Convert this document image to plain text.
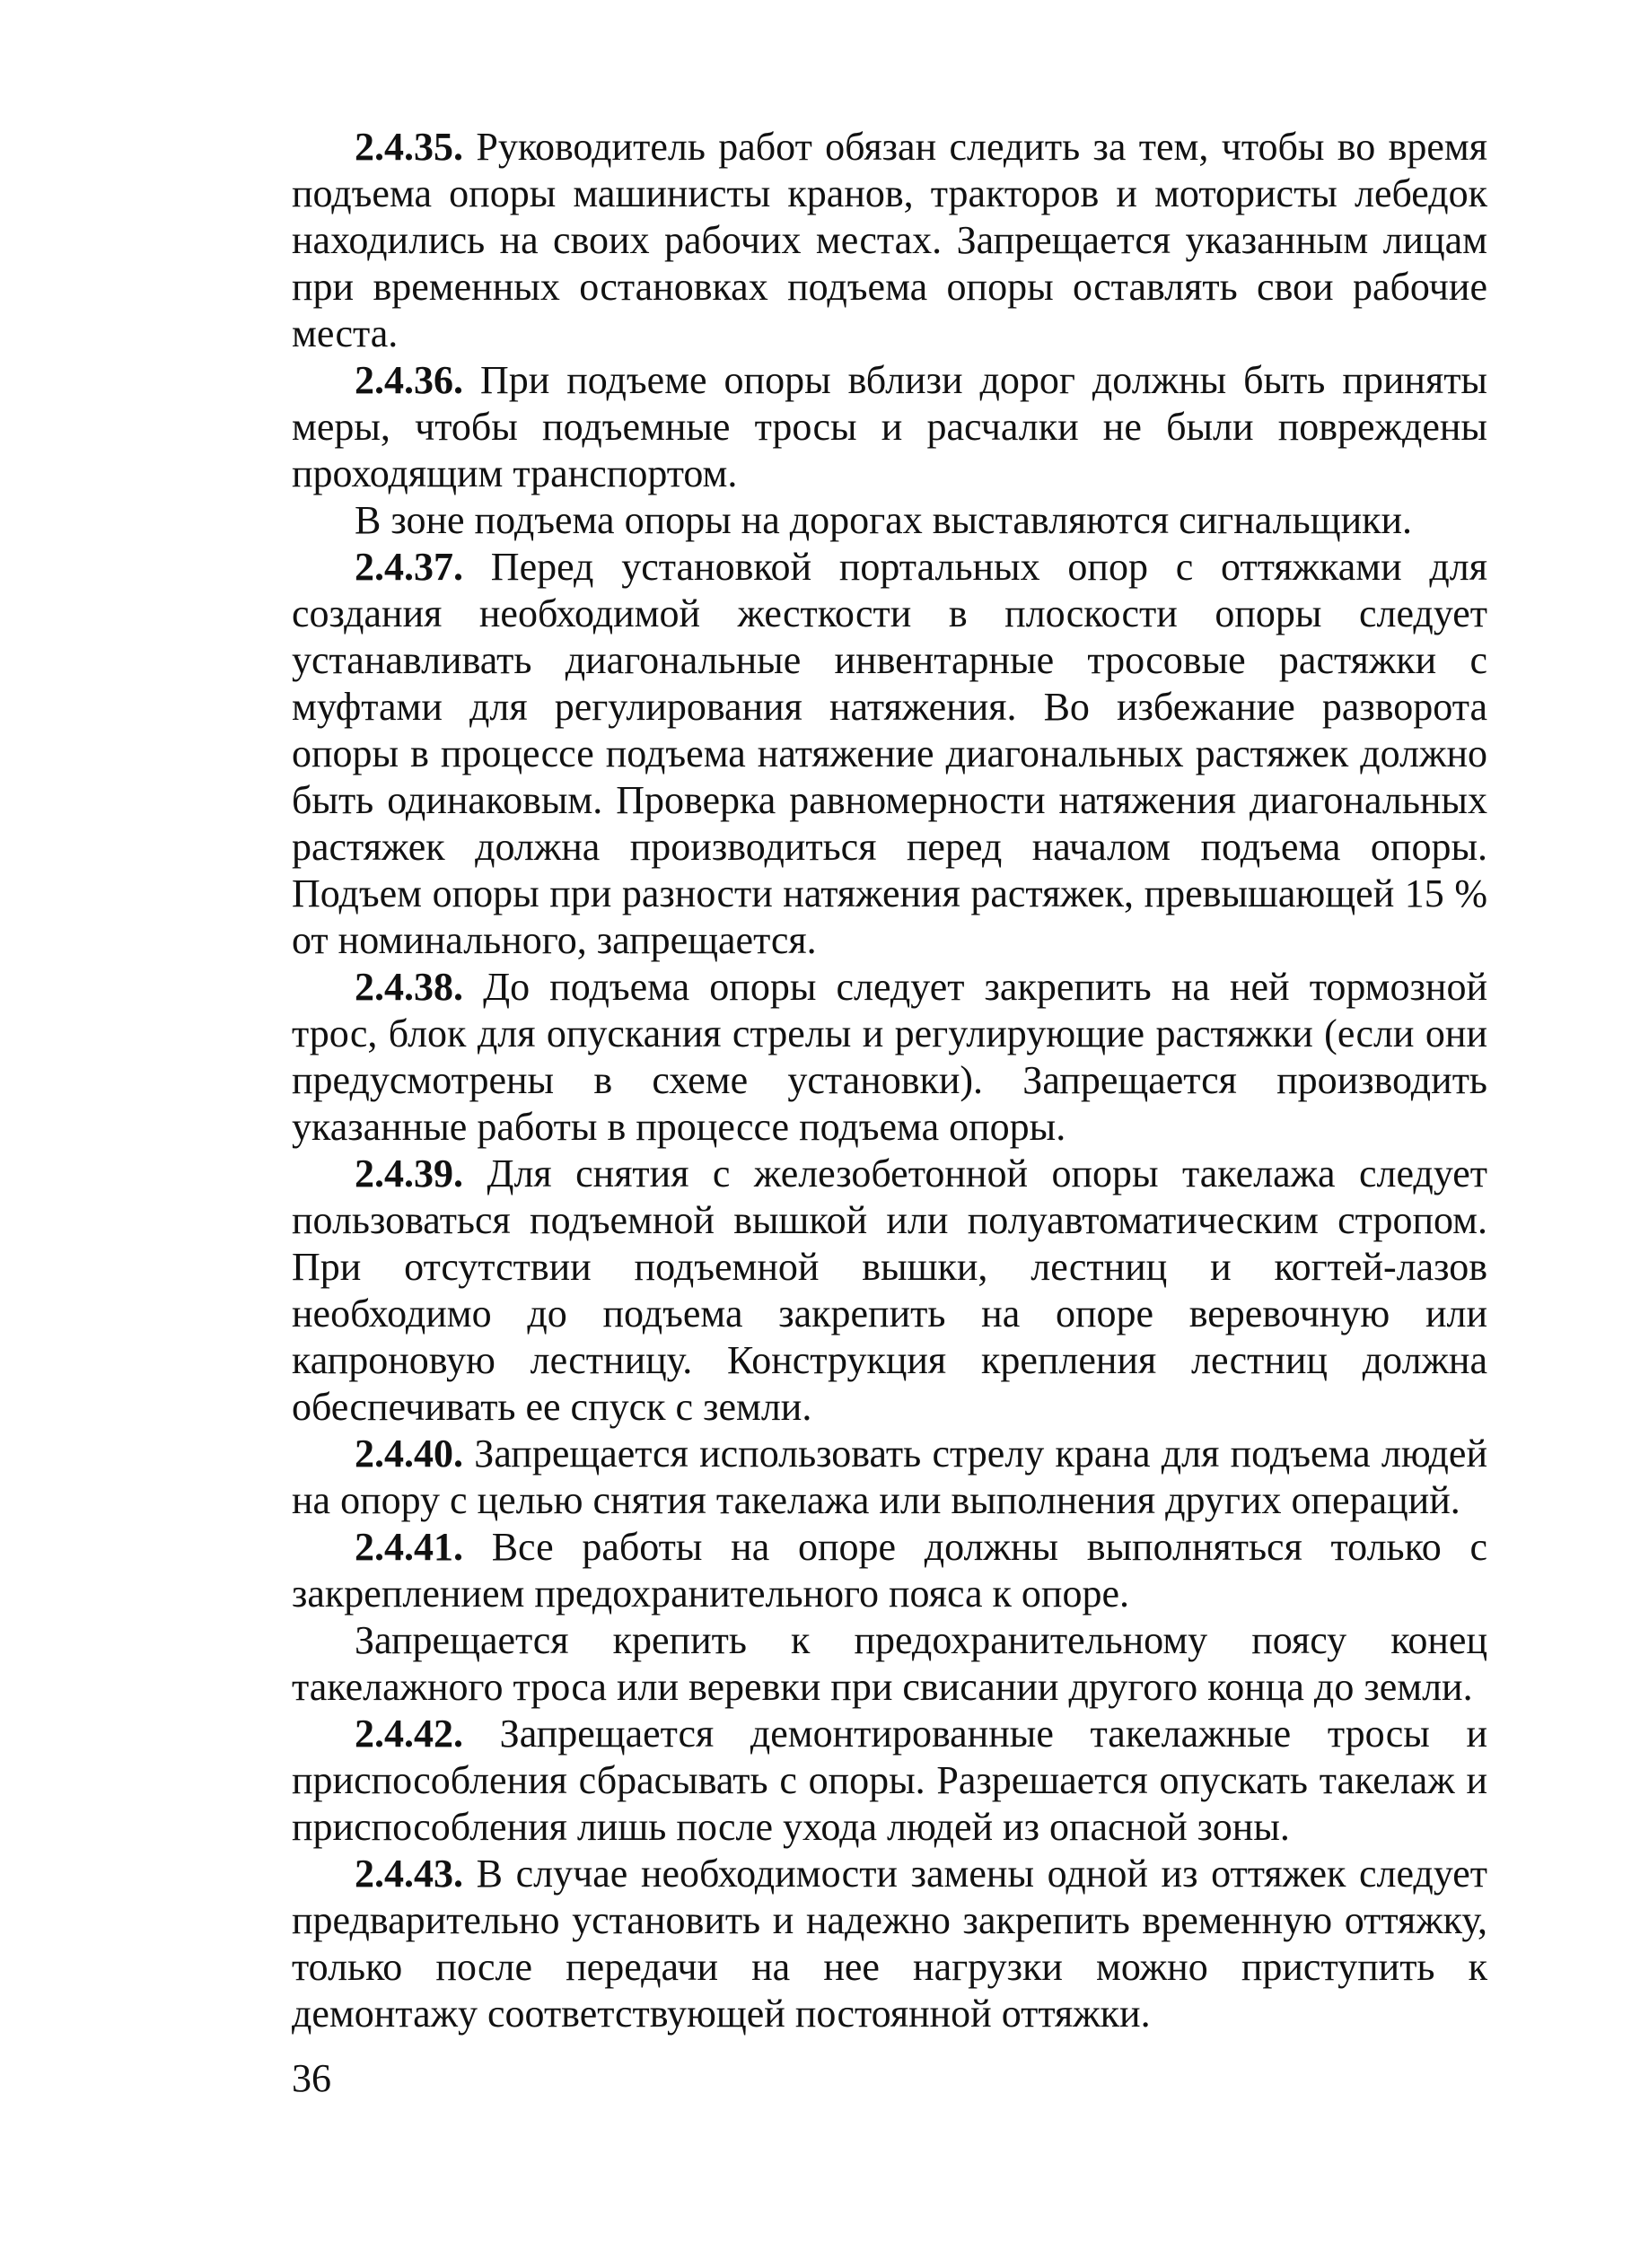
2.4.35. Руководитель работ обязан следить за тем, чтобы во время подъема опоры машинисты кранов, тракторов и мотористы лебедок находились на своих рабочих местах. Запрещается указанным лицам при временных остановках подъема опоры оставлять свои рабочие места.

2.4.36. При подъеме опоры вблизи дорог должны быть приняты меры, чтобы подъемные тросы и расчалки не были повреждены проходящим транспортом.

В зоне подъема опоры на дорогах выставляются сигнальщики.

2.4.37. Перед установкой портальных опор с оттяжками для создания необходимой жесткости в плоскости опоры следует устанавливать диагональные инвентарные тросовые растяжки с муфтами для регулирования натяжения. Во избежание разворота опоры в процессе подъема натяжение диагональных растяжек должно быть одинаковым. Проверка равномерности натяжения диагональных растяжек должна производиться перед началом подъема опоры. Подъем опоры при разности натяжения растяжек, превышающей 15 % от номинального, запрещается.

2.4.38. До подъема опоры следует закрепить на ней тормозной трос, блок для опускания стрелы и регулирующие растяжки (если они предусмотрены в схеме установки). Запрещается производить указанные работы в процессе подъема опоры.

2.4.39. Для снятия с железобетонной опоры такелажа следует пользоваться подъемной вышкой или полуавтоматическим стропом. При отсутствии подъемной вышки, лестниц и когтей-лазов необходимо до подъема закрепить на опоре веревочную или капроновую лестницу. Конструкция крепления лестниц должна обеспечивать ее спуск с земли.

2.4.40. Запрещается использовать стрелу крана для подъема людей на опору с целью снятия такелажа или выполнения других операций.

2.4.41. Все работы на опоре должны выполняться только с закреплением предохранительного пояса к опоре.

Запрещается крепить к предохранительному поясу конец такелажного троса или веревки при свисании другого конца до земли.

2.4.42. Запрещается демонтированные такелажные тросы и приспособления сбрасывать с опоры. Разрешается опускать такелаж и приспособления лишь после ухода людей из опасной зоны.

2.4.43. В случае необходимости замены одной из оттяжек следует предварительно установить и надежно закрепить временную оттяжку, только после передачи на нее нагрузки можно приступить к демонтажу соответствующей постоянной оттяжки.

36
